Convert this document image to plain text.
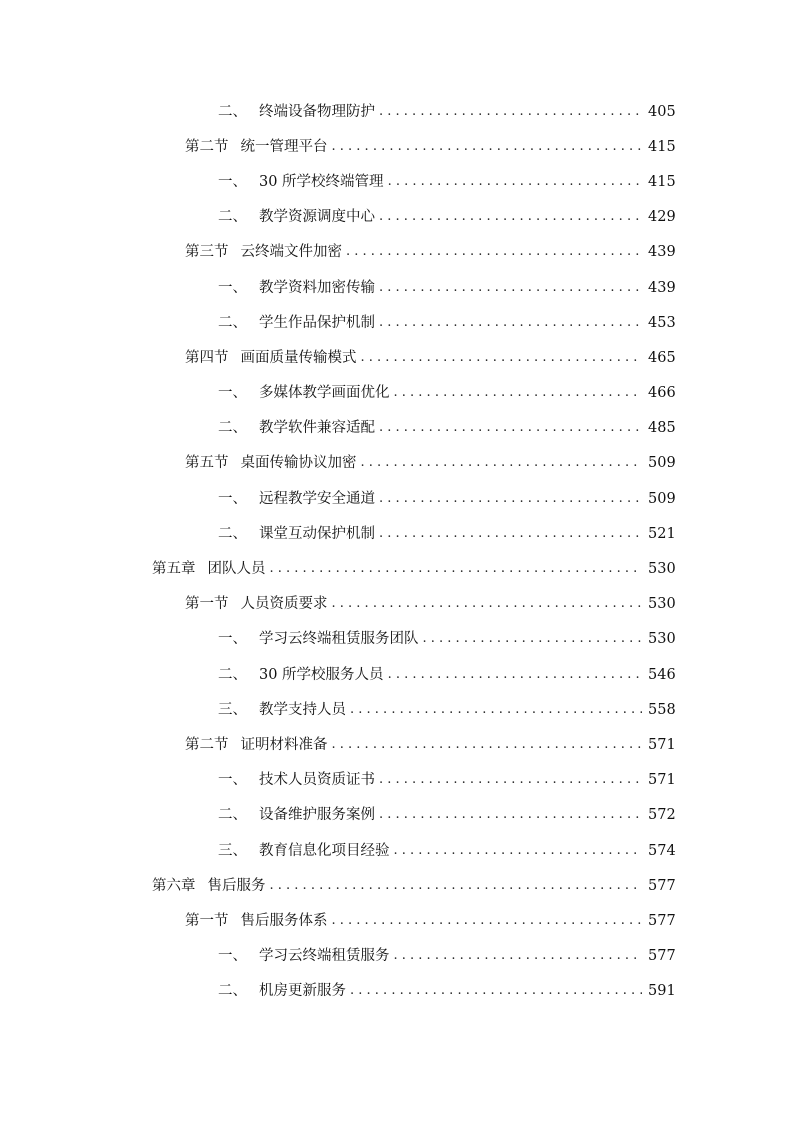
二、 终端设备物理防护 . . .	405
第二节 统一管理平台 . . .	415
一、 30 所学校终端管理 . . .	415
二、 教学资源调度中心 . . .	429
第三节 云终端文件加密 . . .	439
一、 教学资料加密传输 . . .	439
二、 学生作品保护机制 . . .	453
第四节 画面质量传输模式 . . .	465
一、 多媒体教学画面优化 . . .	466
二、 教学软件兼容适配 . . .	485
第五节 桌面传输协议加密 . . .	509
一、 远程教学安全通道 . . .	509
二、 课堂互动保护机制 . . .	521
第五章 团队人员 . . .	530
第一节 人员资质要求 . . .	530
一、 学习云终端租赁服务团队 . . .	530
二、 30 所学校服务人员 . . .	546
三、 教学支持人员 . . .	558
第二节 证明材料准备 . . .	571
一、 技术人员资质证书 . . .	571
二、 设备维护服务案例 . . .	572
三、 教育信息化项目经验 . . .	574
第六章 售后服务 . . .	577
第一节 售后服务体系 . . .	577
一、 学习云终端租赁服务 . . .	577
二、 机房更新服务 . . .	591
